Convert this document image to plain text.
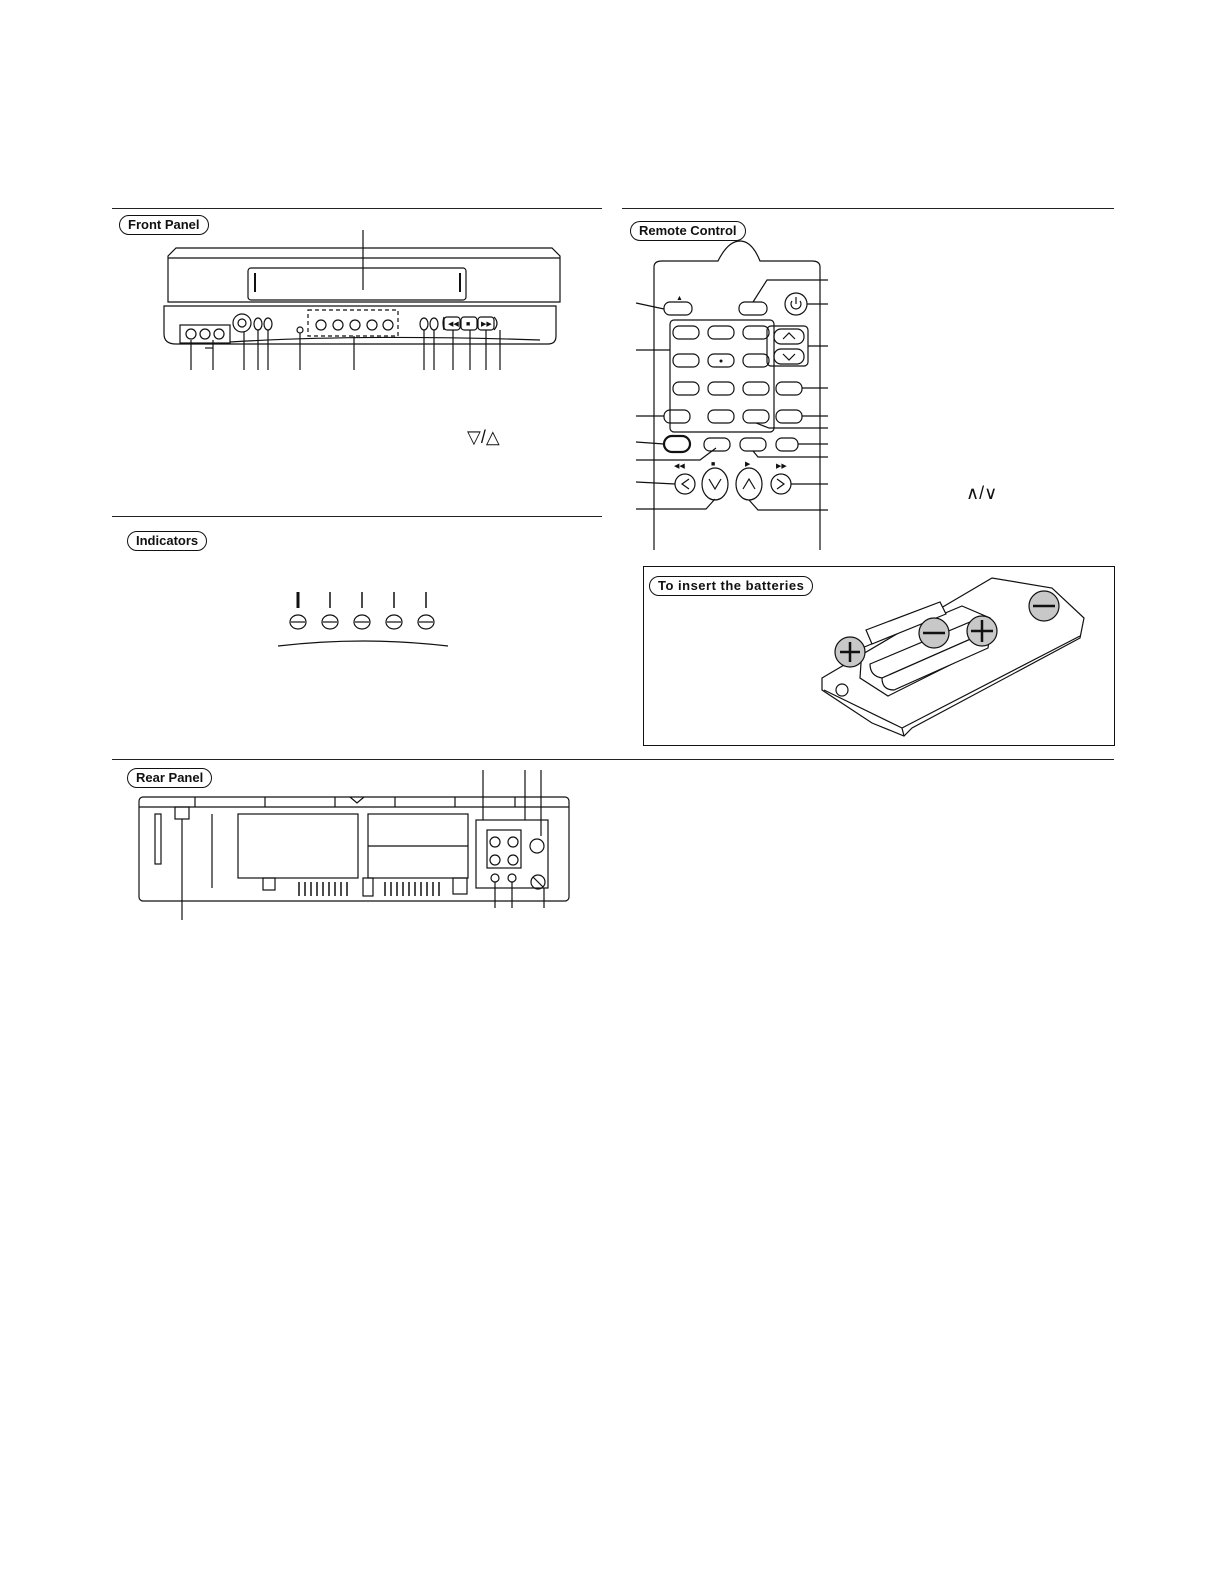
Front Panel	Remote Control
Indicators
Rear Panel
◀◀ ■ ▶▶
▽/△
▲
◀◀	■	▶	▶▶
∧/∨
To insert the batteries
